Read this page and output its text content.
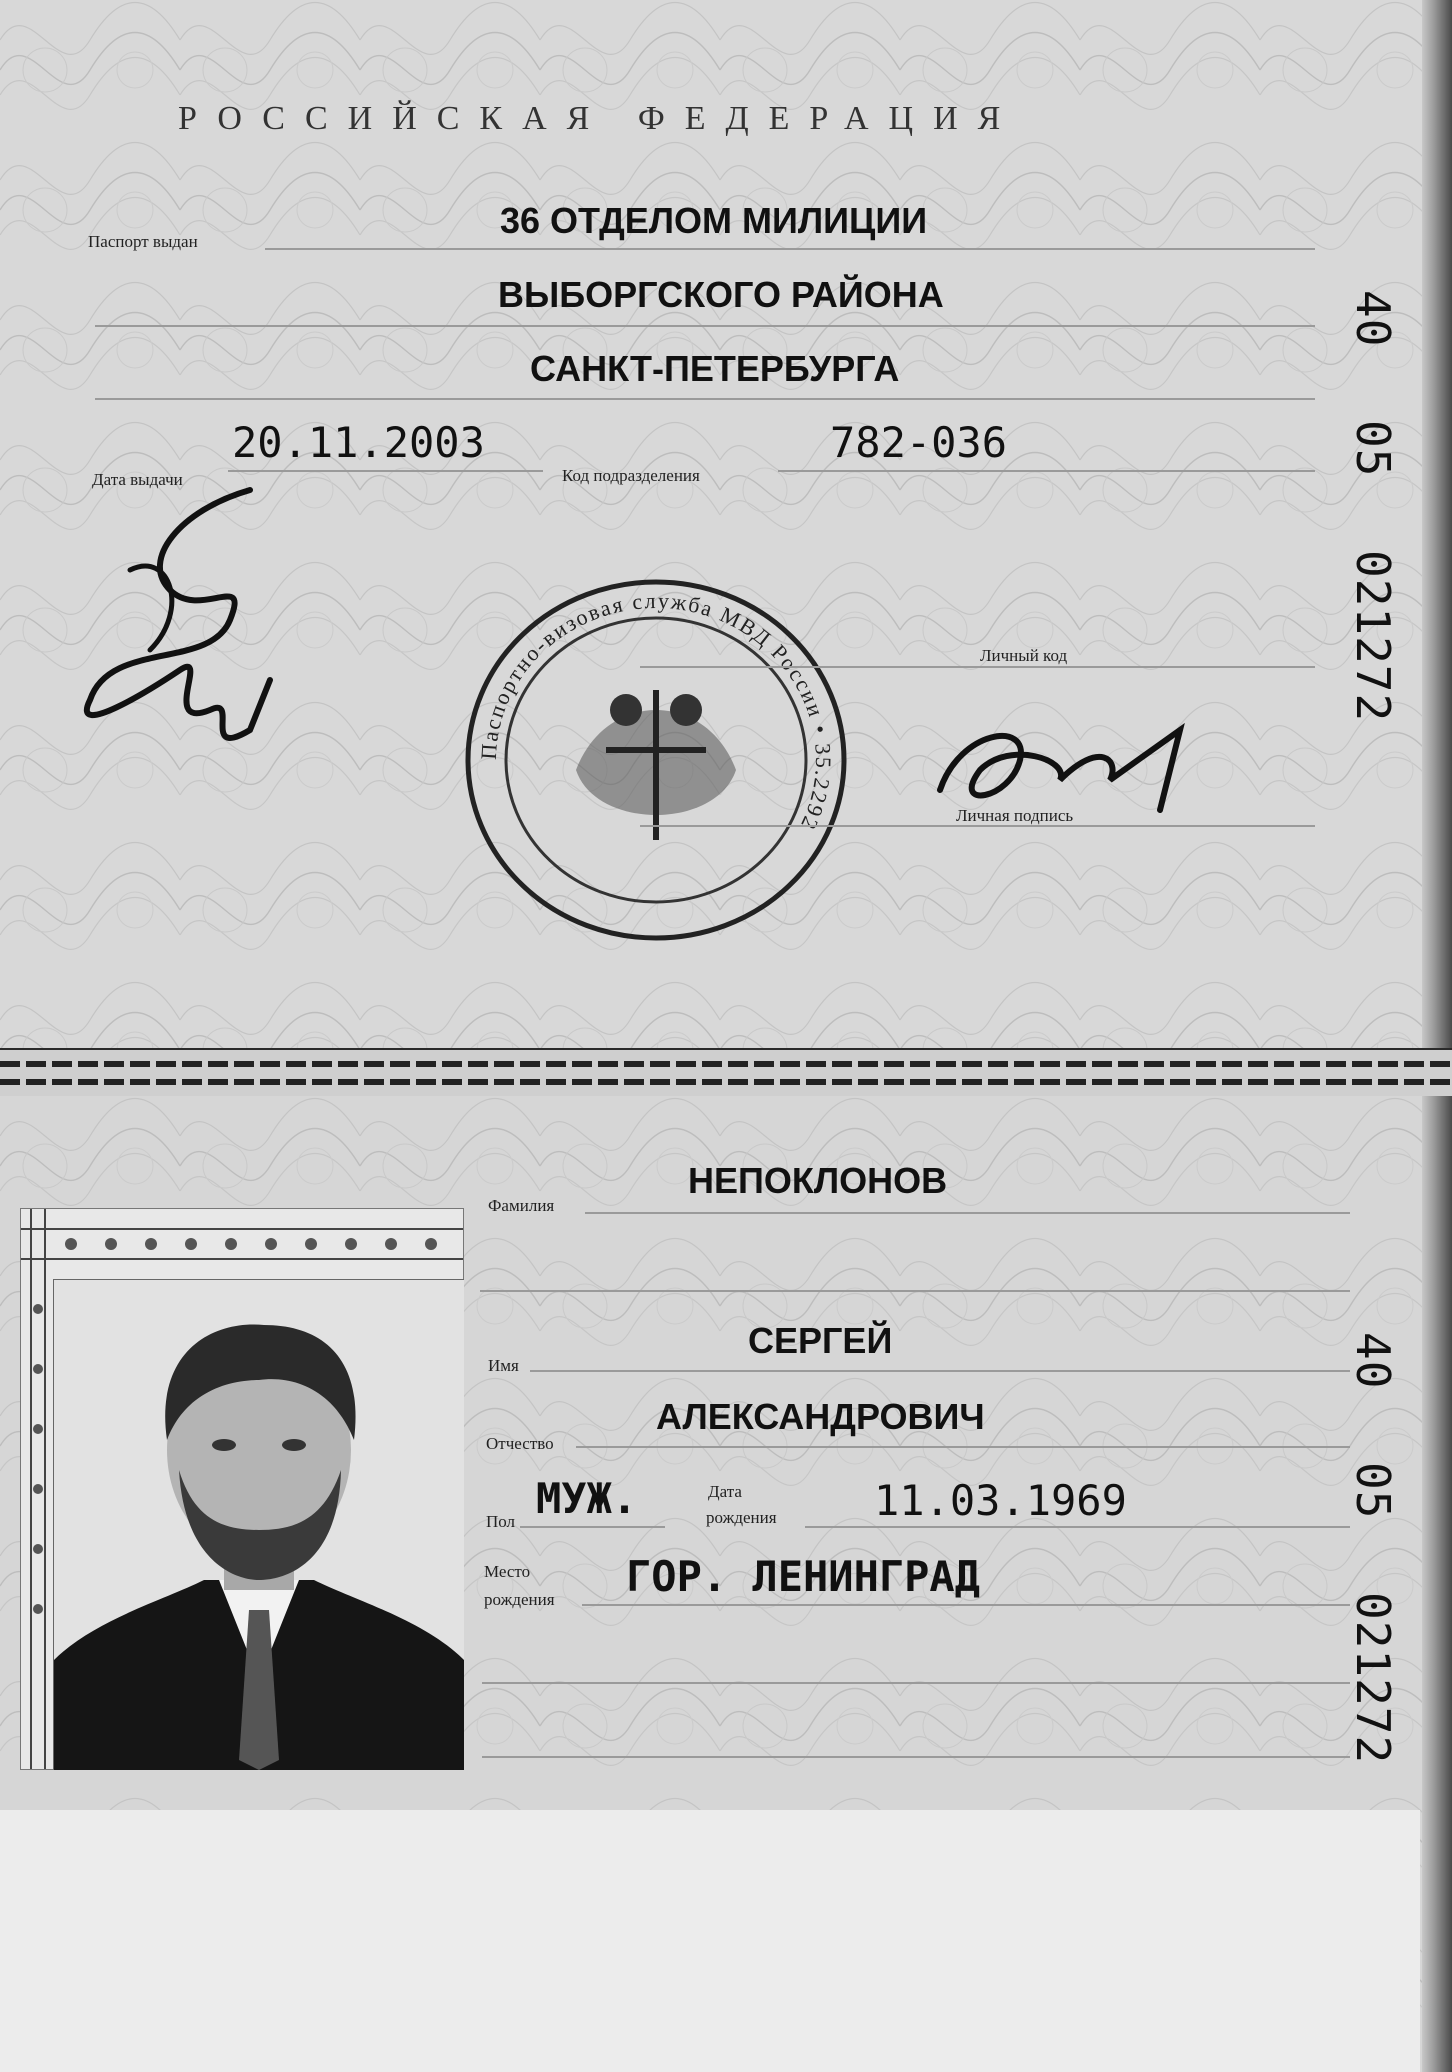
РОССИЙСКАЯ ФЕДЕРАЦИЯ
Паспорт выдан
36 ОТДЕЛОМ МИЛИЦИИ
ВЫБОРГСКОГО РАЙОНА
САНКТ-ПЕТЕРБУРГА
20.11.2003
Дата выдачи
782-036
Код подразделения
Паспортно-визовая служба МВД России • 35.2292
Личный код
Личная подпись
40
05
021272
НЕПОКЛОНОВ
Фамилия
СЕРГЕЙ
Имя
АЛЕКСАНДРОВИЧ
Отчество
Пол МУЖ.	Дата
рождения 11.03.1969
Место
рождения ГОР. ЛЕНИНГРАД
40
05
021272
